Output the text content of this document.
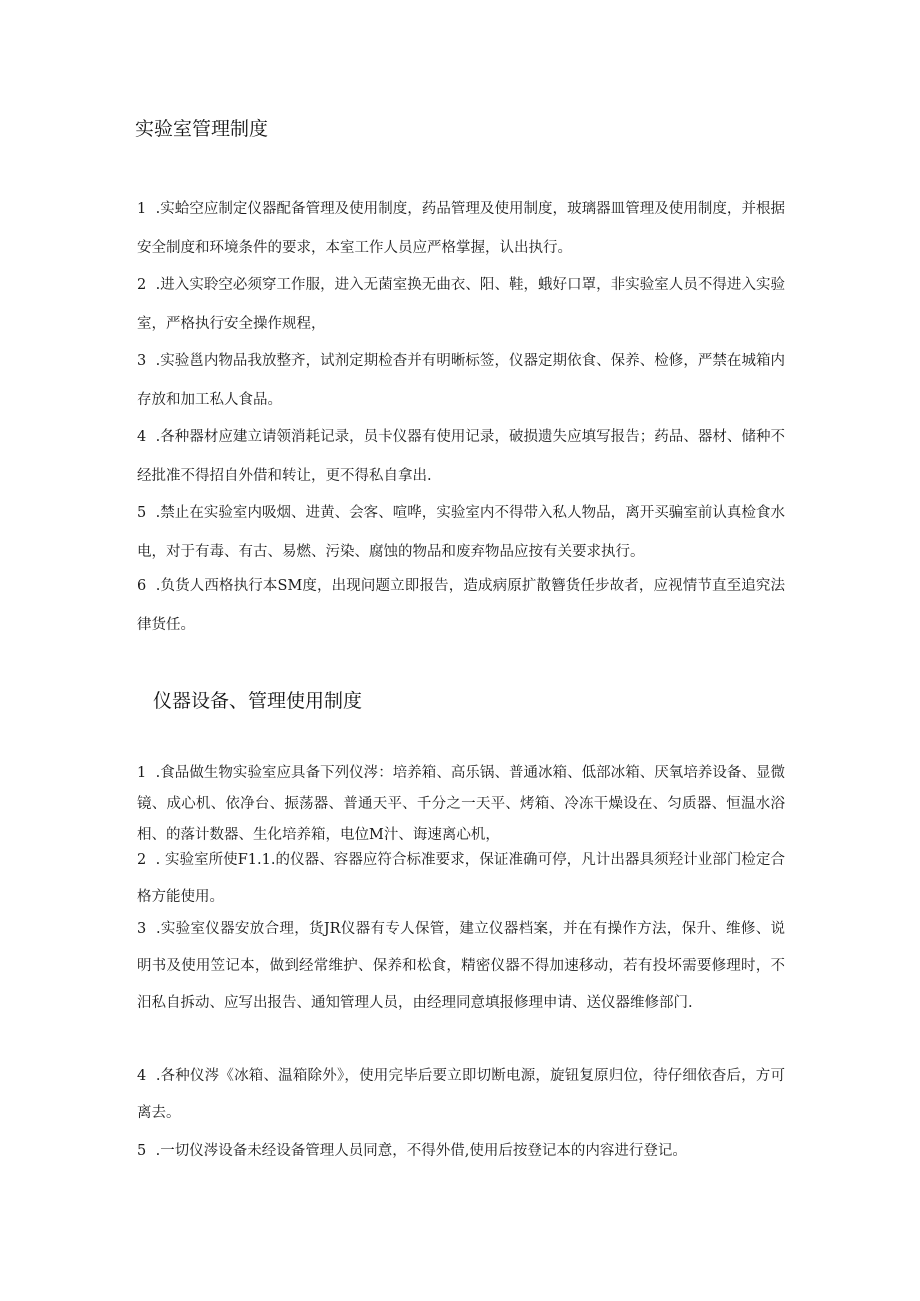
实验室管理制度

1 .实蛤空应制定仪器配备管理及使用制度，药品管理及使用制度，玻璃器皿管理及使用制度，并根据安全制度和环境条件的要求，本室工作人员应严格掌握，认出执行。

2 .进入实聆空必须穿工作服，进入无菌室换无曲衣、阳、鞋，蛾好口罩，非实验室人员不得进入实验室，严格执行安全操作规程，

3 .实验邕内物品我放整齐，试剂定期检杳并有明晰标签，仪器定期依食、保养、检修，严禁在城箱内存放和加工私人食品。

4 .各种器材应建立请领消耗记录，员卡仪器有使用记录，破损遗失应填写报告；药品、器材、储种不经批准不得招自外借和转让，更不得私自拿出.

5 .禁止在实验室内吸烟、进黄、会客、喧哗，实验室内不得带入私人物品，离开买骗室前认真检食水电，对于有毒、有古、易燃、污染、腐蚀的物品和废弃物品应按有关要求执行。

6 .负货人西格执行本SM度，出现问题立即报告，造成病原扩散簪货任步故者，应视情节直至追究法律货任。

仪器设备、管理使用制度

1 .食品做生物实验室应具备下列仪涔：培养箱、高乐锅、普通冰箱、低部冰箱、厌氧培养设备、显微镜、成心机、依净台、振荡器、普通天平、千分之一天平、烤箱、冷冻干燥设在、匀质器、恒温水浴相、的落计数器、生化培养箱，电位M汁、诲速离心机，

2 . 实验室所使F1.1.的仪器、容器应符合标准要求，保证准确可停，凡计出器具须羟计业部门检定合格方能使用。

3 .实验室仪器安放合理，货JR仪器有专人保管，建立仪器档案，并在有操作方法，保升、维修、说明书及使用笠记本，做到经常维护、保养和松食，精密仪器不得加速移动，若有投坏需要修理时，不汨私自拆动、应写出报告、通知管理人员，由经理同意填报修理申请、送仪器维修部门.

4 .各种仪涔《冰箱、温箱除外》，使用完毕后要立即切断电源，旋钮复原归位，待仔细依杳后，方可离去。

5 .一切仪涔设备未经设备管理人员同意，不得外借,使用后按登记本的内容进行登记。
